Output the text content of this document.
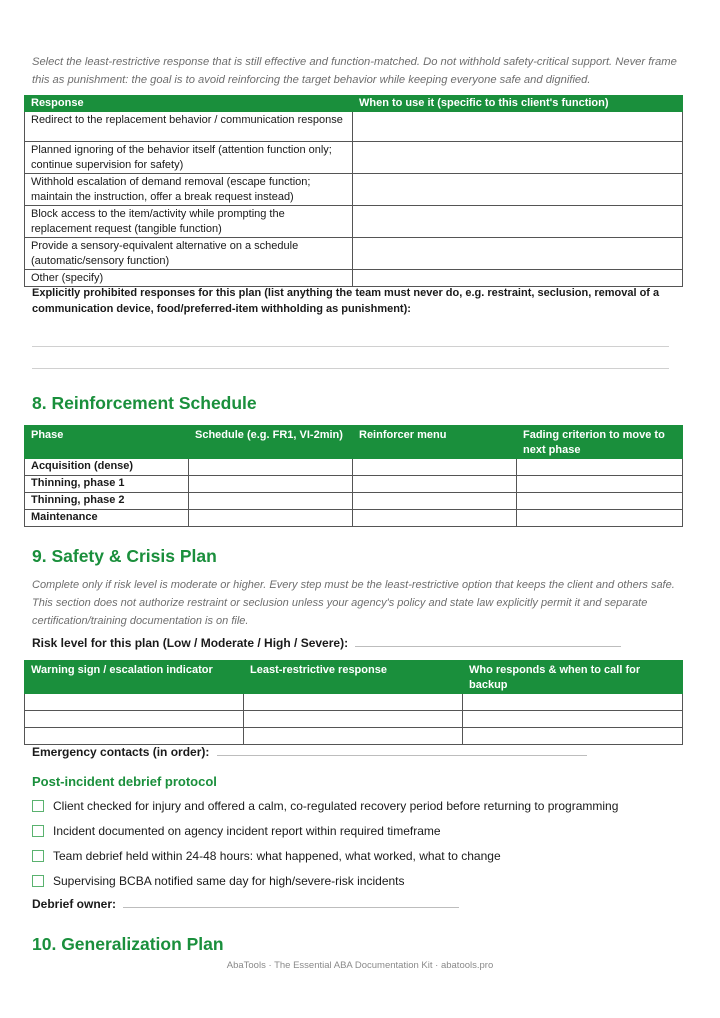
Select the least-restrictive response that is still effective and function-matched. Do not withhold safety-critical support. Never frame this as punishment: the goal is to avoid reinforcing the target behavior while keeping everyone safe and dignified.

Response	When to use it (specific to this client's function)
Redirect to the replacement behavior / communication response	
Planned ignoring of the behavior itself (attention function only; continue supervision for safety)	
Withhold escalation of demand removal (escape function; maintain the instruction, offer a break request instead)	
Block access to the item/activity while prompting the replacement request (tangible function)	
Provide a sensory-equivalent alternative on a schedule (automatic/sensory function)	
Other (specify)	

Explicitly prohibited responses for this plan (list anything the team must never do, e.g. restraint, seclusion, removal of a communication device, food/preferred-item withholding as punishment):

8. Reinforcement Schedule
Phase	Schedule (e.g. FR1, VI-2min)	Reinforcer menu	Fading criterion to move to next phase
Acquisition (dense)			
Thinning, phase 1			
Thinning, phase 2			
Maintenance			
9. Safety & Crisis Plan

Complete only if risk level is moderate or higher. Every step must be the least-restrictive option that keeps the client and others safe. This section does not authorize restraint or seclusion unless your agency's policy and state law explicitly permit it and separate certification/training documentation is on file.

Risk level for this plan (Low / Moderate / High / Severe):
Warning sign / escalation indicator	Least-restrictive response	Who responds & when to call for backup

Emergency contacts (in order):
Post-incident debrief protocol
Client checked for injury and offered a calm, co-regulated recovery period before returning to programming
Incident documented on agency incident report within required timeframe
Team debrief held within 24-48 hours: what happened, what worked, what to change
Supervising BCBA notified same day for high/severe-risk incidents
Debrief owner:
10. Generalization Plan
AbaTools · The Essential ABA Documentation Kit · abatools.pro
